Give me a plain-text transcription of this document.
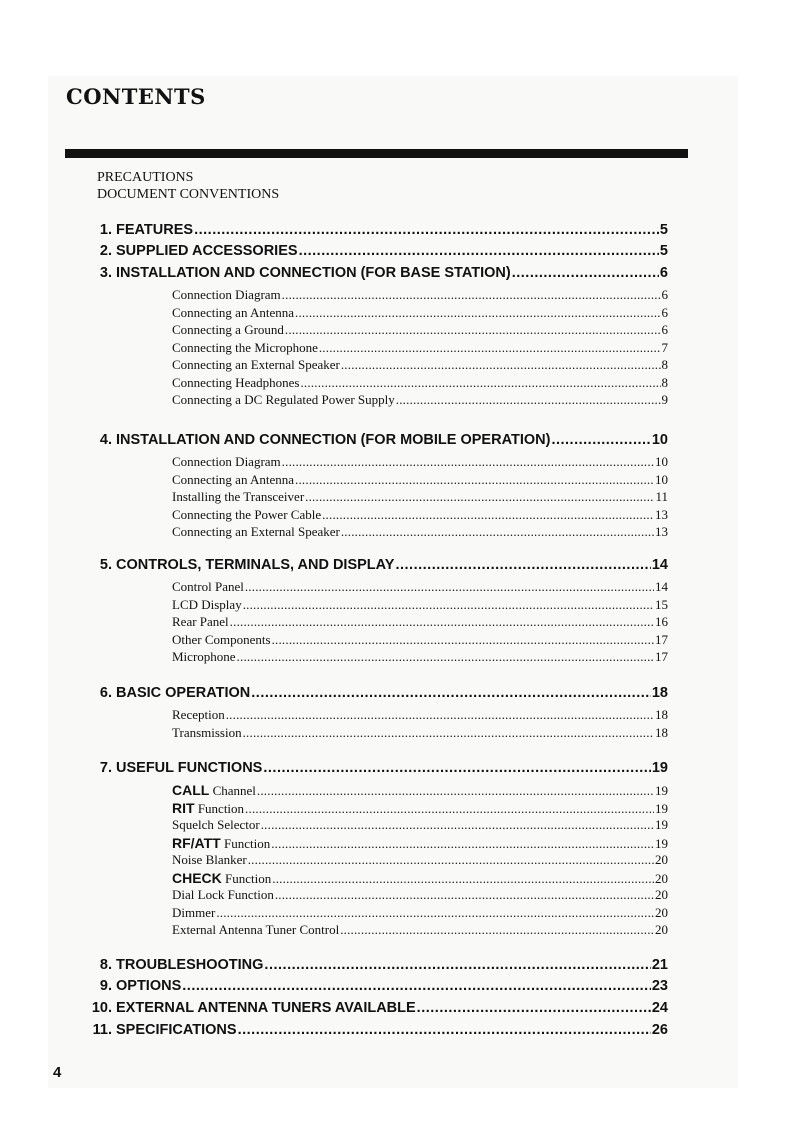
CONTENTS
PRECAUTIONS
DOCUMENT CONVENTIONS
1. FEATURES .....	5
2. SUPPLIED ACCESSORIES .....	5
3. INSTALLATION AND CONNECTION (FOR BASE STATION) .....	6
Connection Diagram .....	6
Connecting an Antenna .....	6
Connecting a Ground .....	6
Connecting the Microphone .....	7
Connecting an External Speaker .....	8
Connecting Headphones .....	8
Connecting a DC Regulated Power Supply .....	9
4. INSTALLATION AND CONNECTION (FOR MOBILE OPERATION) .....	10
Connection Diagram .....	10
Connecting an Antenna .....	10
Installing the Transceiver .....	11
Connecting the Power Cable .....	13
Connecting an External Speaker .....	13
5. CONTROLS, TERMINALS, AND DISPLAY .....	14
Control Panel .....	14
LCD Display .....	15
Rear Panel .....	16
Other Components .....	17
Microphone .....	17
6. BASIC OPERATION .....	18
Reception .....	18
Transmission .....	18
7. USEFUL FUNCTIONS .....	19
CALL Channel .....	19
RIT Function .....	19
Squelch Selector .....	19
RF/ATT Function .....	19
Noise Blanker .....	20
CHECK Function .....	20
Dial Lock Function .....	20
Dimmer .....	20
External Antenna Tuner Control .....	20
8. TROUBLESHOOTING .....	21
9. OPTIONS .....	23
10. EXTERNAL ANTENNA TUNERS AVAILABLE .....	24
11. SPECIFICATIONS .....	26
4
